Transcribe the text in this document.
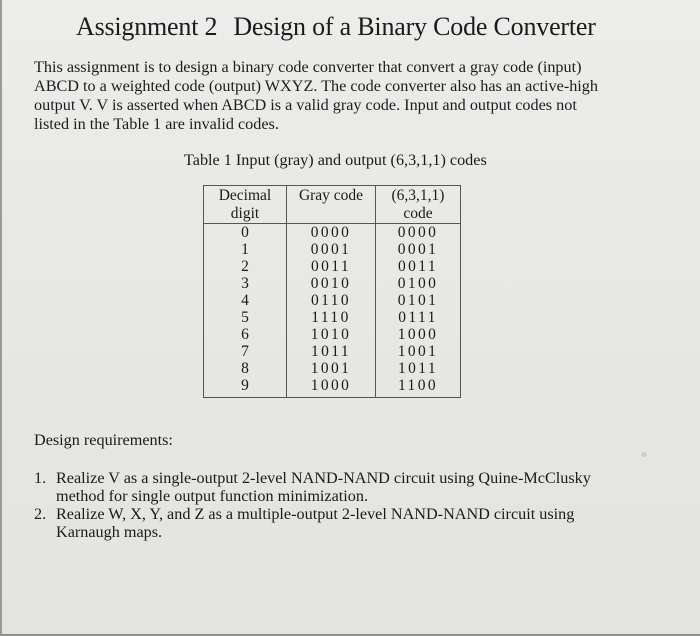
Assignment 2 Design of a Binary Code Converter
This assignment is to design a binary code converter that convert a gray code (input)
ABCD to a weighted code (output) WXYZ. The code converter also has an active-high
output V. V is asserted when ABCD is a valid gray code. Input and output codes not
listed in the Table 1 are invalid codes.
Table 1 Input (gray) and output (6,3,1,1) codes
Decimal
digit	Gray code	(6,3,1,1)
code
0	0000	0000
1	0001	0001
2	0011	0011
3	0010	0100
4	0110	0101
5	1110	0111
6	1010	1000
7	1011	1001
8	1001	1011
9	1000	1100
Design requirements:
1. Realize V as a single-output 2-level NAND-NAND circuit using Quine-McClusky
method for single output function minimization.
2. Realize W, X, Y, and Z as a multiple-output 2-level NAND-NAND circuit using
Karnaugh maps.
